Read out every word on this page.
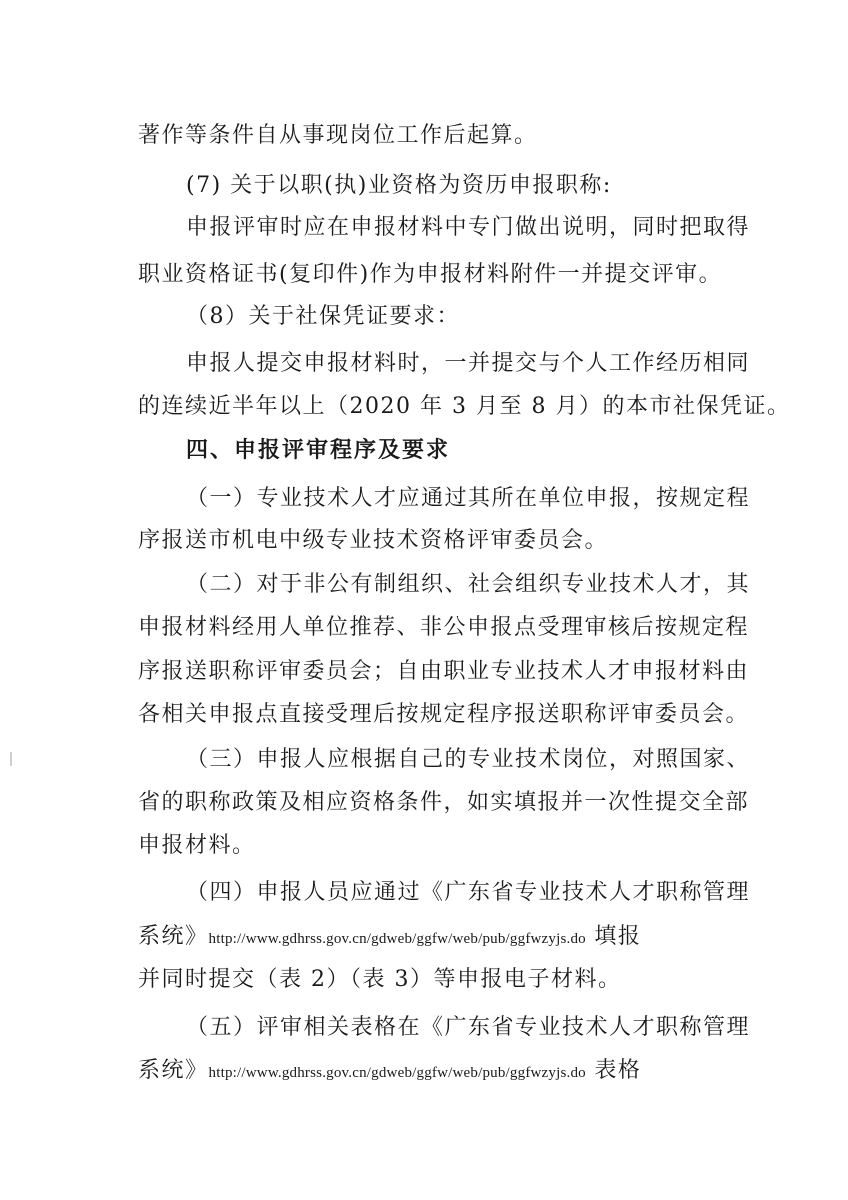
著作等条件自从事现岗位工作后起算。
(7) 关于以职(执)业资格为资历申报职称:
申报评审时应在申报材料中专门做出说明，同时把取得
职业资格证书(复印件)作为申报材料附件一并提交评审。
（8）关于社保凭证要求：
申报人提交申报材料时，一并提交与个人工作经历相同
的连续近半年以上（2020 年 3 月至 8 月）的本市社保凭证。
四、申报评审程序及要求
（一）专业技术人才应通过其所在单位申报，按规定程
序报送市机电中级专业技术资格评审委员会。
（二）对于非公有制组织、社会组织专业技术人才，其
申报材料经用人单位推荐、非公申报点受理审核后按规定程
序报送职称评审委员会；自由职业专业技术人才申报材料由
各相关申报点直接受理后按规定程序报送职称评审委员会。
（三）申报人应根据自己的专业技术岗位，对照国家、
省的职称政策及相应资格条件，如实填报并一次性提交全部
申报材料。
（四）申报人员应通过《广东省专业技术人才职称管理
系统》http://www.gdhrss.gov.cn/gdweb/ggfw/web/pub/ggfwzyjs.do 填报
并同时提交（表 2）（表 3）等申报电子材料。
（五）评审相关表格在《广东省专业技术人才职称管理
系统》http://www.gdhrss.gov.cn/gdweb/ggfw/web/pub/ggfwzyjs.do 表格
